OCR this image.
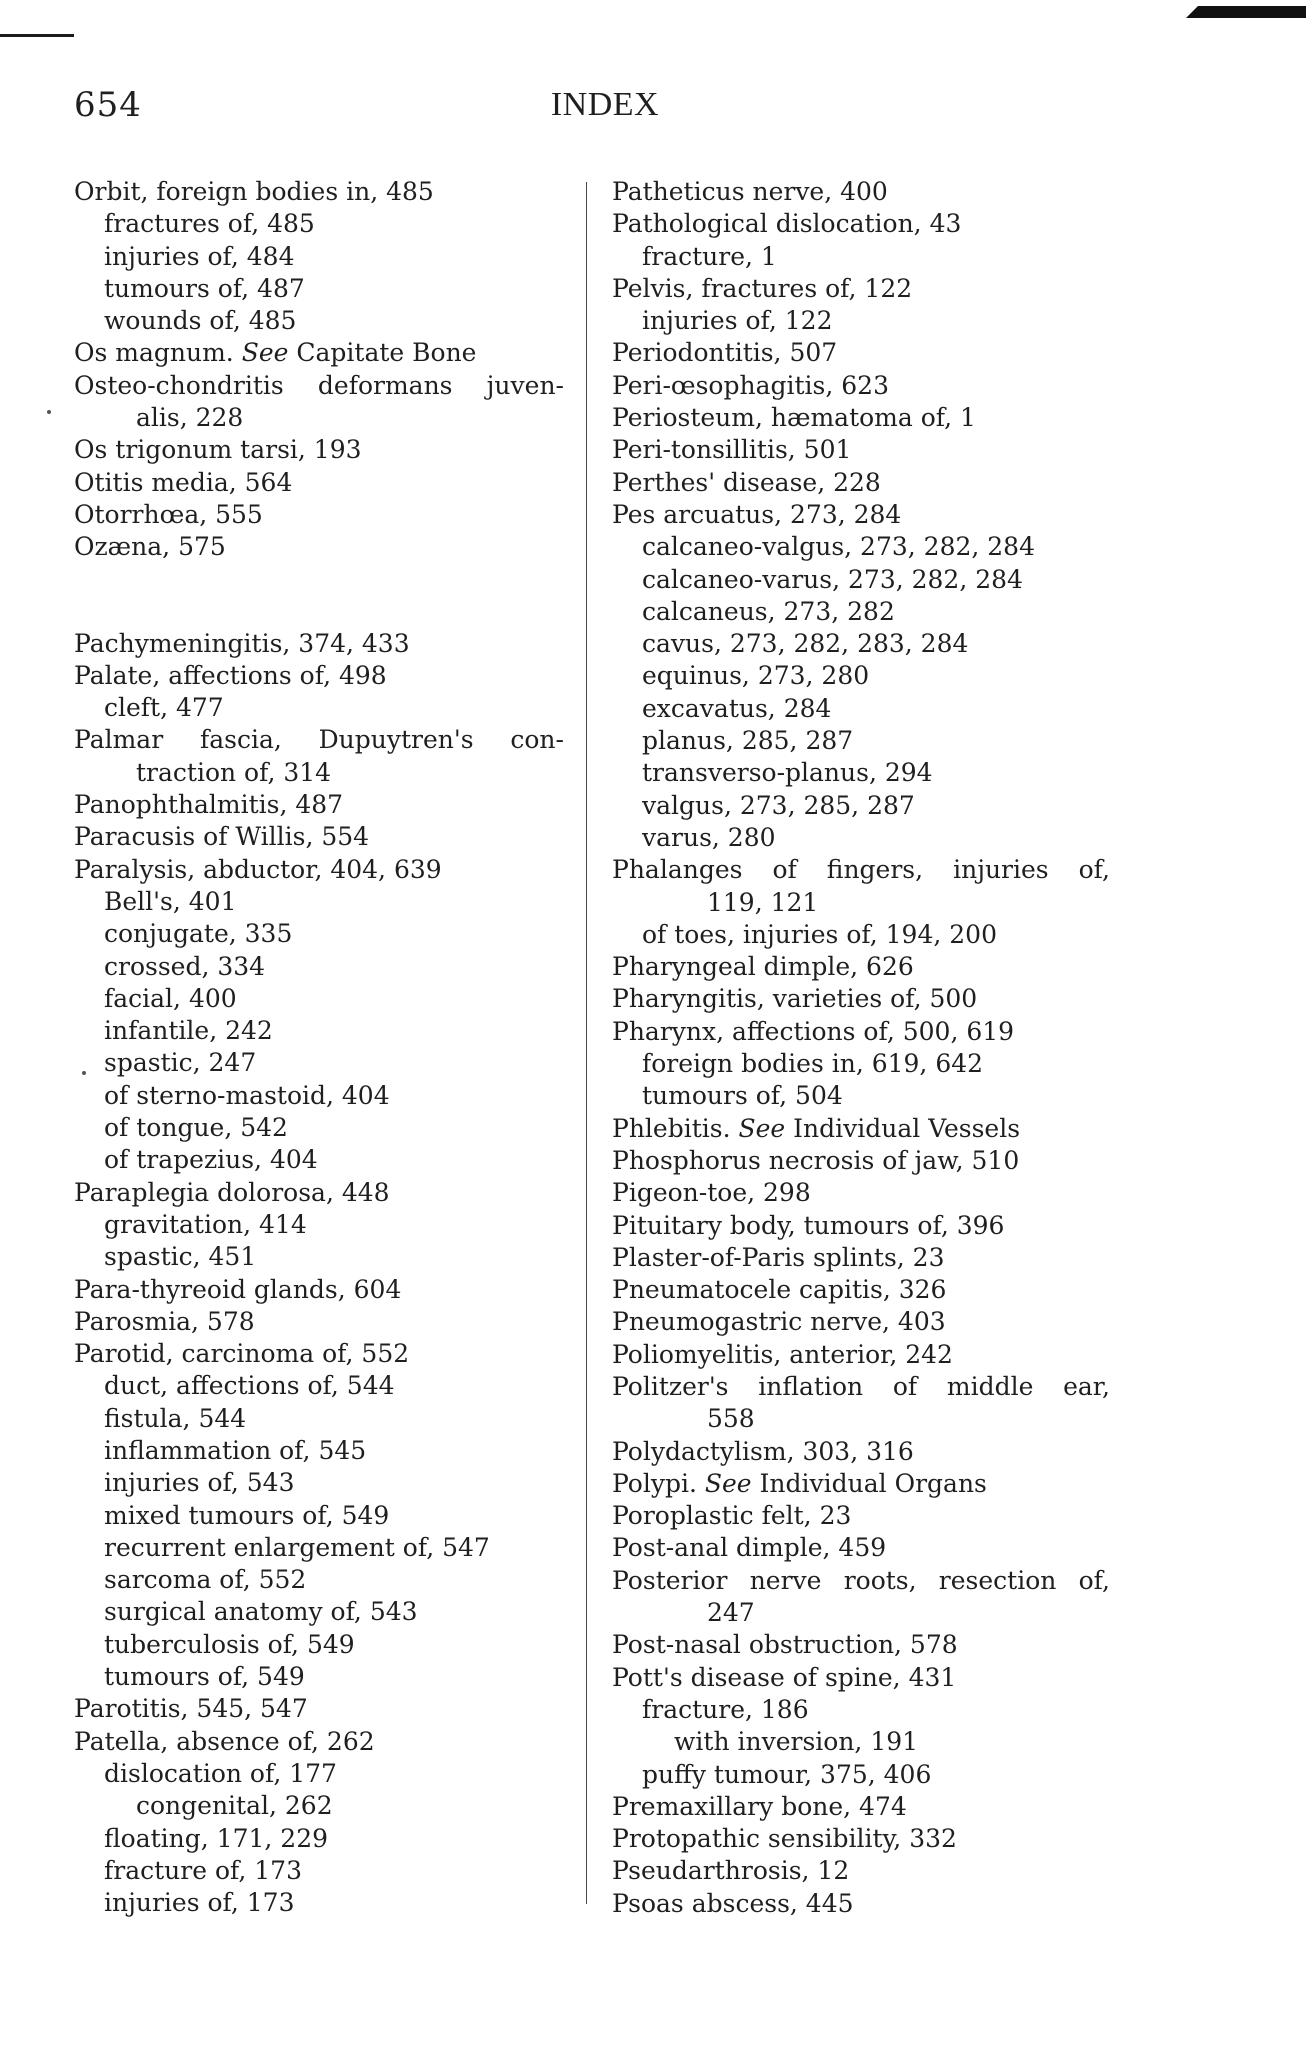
654	INDEX
Orbit, foreign bodies in, 485
fractures of, 485
injuries of, 484
tumours of, 487
wounds of, 485
Os magnum. See Capitate Bone
Osteo-chondritis deformans juven-
alis, 228
Os trigonum tarsi, 193
Otitis media, 564
Otorrhœa, 555
Ozæna, 575
Pachymeningitis, 374, 433
Palate, affections of, 498
cleft, 477
Palmar fascia, Dupuytren's con-
traction of, 314
Panophthalmitis, 487
Paracusis of Willis, 554
Paralysis, abductor, 404, 639
Bell's, 401
conjugate, 335
crossed, 334
facial, 400
infantile, 242
spastic, 247
of sterno-mastoid, 404
of tongue, 542
of trapezius, 404
Paraplegia dolorosa, 448
gravitation, 414
spastic, 451
Para-thyreoid glands, 604
Parosmia, 578
Parotid, carcinoma of, 552
duct, affections of, 544
fistula, 544
inflammation of, 545
injuries of, 543
mixed tumours of, 549
recurrent enlargement of, 547
sarcoma of, 552
surgical anatomy of, 543
tuberculosis of, 549
tumours of, 549
Parotitis, 545, 547
Patella, absence of, 262
dislocation of, 177
congenital, 262
floating, 171, 229
fracture of, 173
injuries of, 173
Patheticus nerve, 400
Pathological dislocation, 43
fracture, 1
Pelvis, fractures of, 122
injuries of, 122
Periodontitis, 507
Peri-œsophagitis, 623
Periosteum, hæmatoma of, 1
Peri-tonsillitis, 501
Perthes' disease, 228
Pes arcuatus, 273, 284
calcaneo-valgus, 273, 282, 284
calcaneo-varus, 273, 282, 284
calcaneus, 273, 282
cavus, 273, 282, 283, 284
equinus, 273, 280
excavatus, 284
planus, 285, 287
transverso-planus, 294
valgus, 273, 285, 287
varus, 280
Phalanges of fingers, injuries of,
119, 121
of toes, injuries of, 194, 200
Pharyngeal dimple, 626
Pharyngitis, varieties of, 500
Pharynx, affections of, 500, 619
foreign bodies in, 619, 642
tumours of, 504
Phlebitis. See Individual Vessels
Phosphorus necrosis of jaw, 510
Pigeon-toe, 298
Pituitary body, tumours of, 396
Plaster-of-Paris splints, 23
Pneumatocele capitis, 326
Pneumogastric nerve, 403
Poliomyelitis, anterior, 242
Politzer's inflation of middle ear,
558
Polydactylism, 303, 316
Polypi. See Individual Organs
Poroplastic felt, 23
Post-anal dimple, 459
Posterior nerve roots, resection of,
247
Post-nasal obstruction, 578
Pott's disease of spine, 431
fracture, 186
with inversion, 191
puffy tumour, 375, 406
Premaxillary bone, 474
Protopathic sensibility, 332
Pseudarthrosis, 12
Psoas abscess, 445
